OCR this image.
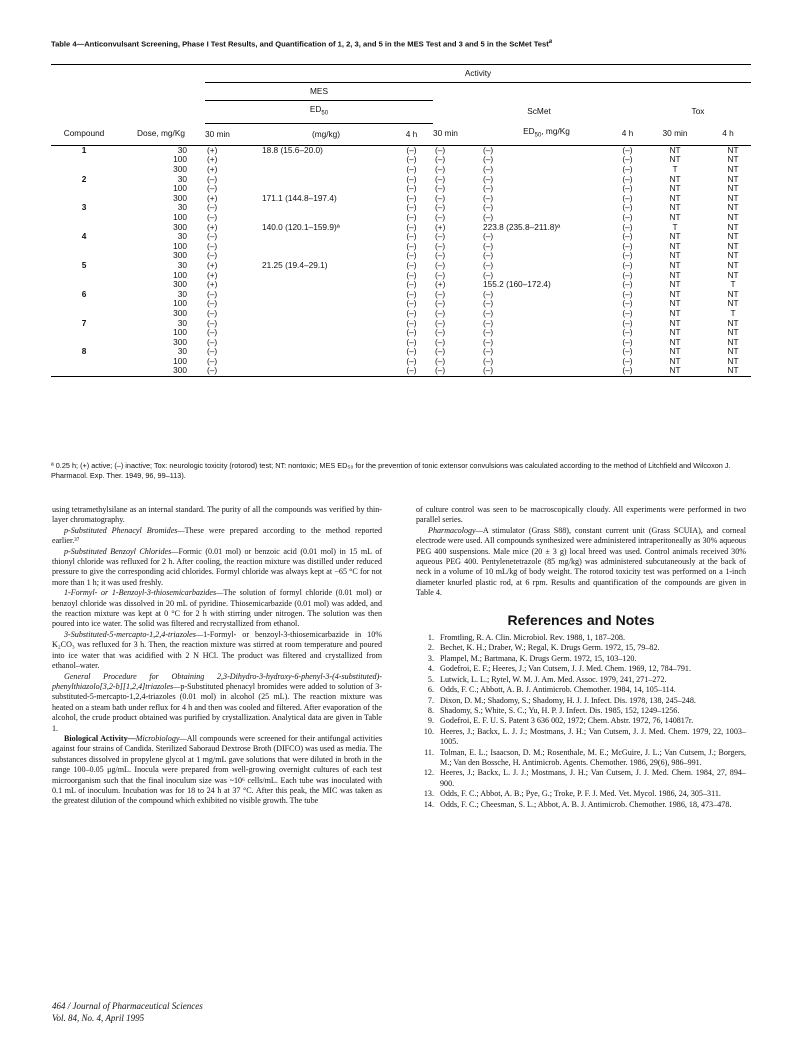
Table 4—Anticonvulsant Screening, Phase I Test Results, and Quantification of 1, 2, 3, and 5 in the MES Test and 3 and 5 in the ScMet Test$^a$
		Activity							
		MES							
		$ED_{50}$			ScMet			Tox	
Compound	Dose, mg/Kg	30 min	(mg/kg)	4 h	30 min	$ED_{50}$, mg/Kg	4 h	30 min	4 h
1	30	(+)	18.8 (15.6–20.0)	(–)	(–)	(–)	(–)	NT	NT
	100	(+)		(–)	(–)	(–)	(–)	NT	NT
	300	(+)		(–)	(–)	(–)	(–)	T	NT
2	30	(–)		(–)	(–)	(–)	(–)	NT	NT
	100	(–)		(–)	(–)	(–)	(–)	NT	NT
	300	(+)	171.1 (144.8–197.4)	(–)	(–)	(–)	(–)	NT	NT
3	30	(–)		(–)	(–)	(–)	(–)	NT	NT
	100	(–)		(–)	(–)	(–)	(–)	NT	NT
	300	(+)	140.0 (120.1–159.9)ª	(–)	(+)	223.8 (235.8–211.8)ª	(–)	T	NT
4	30	(–)		(–)	(–)	(–)	(–)	NT	NT
	100	(–)		(–)	(–)	(–)	(–)	NT	NT
	300	(–)		(–)	(–)	(–)	(–)	NT	NT
5	30	(+)	21.25 (19.4–29.1)	(–)	(–)	(–)	(–)	NT	NT
	100	(+)		(–)	(–)	(–)	(–)	NT	NT
	300	(+)		(–)	(+)	155.2 (160–172.4)	(–)	NT	T
6	30	(–)		(–)	(–)	(–)	(–)	NT	NT
	100	(–)		(–)	(–)	(–)	(–)	NT	NT
	300	(–)		(–)	(–)	(–)	(–)	NT	T
7	30	(–)		(–)	(–)	(–)	(–)	NT	NT
	100	(–)		(–)	(–)	(–)	(–)	NT	NT
	300	(–)		(–)	(–)	(–)	(–)	NT	NT
8	30	(–)		(–)	(–)	(–)	(–)	NT	NT
	100	(–)		(–)	(–)	(–)	(–)	NT	NT
	300	(–)		(–)	(–)	(–)	(–)	NT	NT
ª 0.25 h; (+) active; (–) inactive; Tox: neurologic toxicity (rotorod) test; NT: nontoxic; MES ED₅₀ for the prevention of tonic extensor convulsions was calculated according to the method of Litchfield and Wilcoxon J. Pharmacol. Exp. Ther. 1949, 96, 99–113).

using tetramethylsilane as an internal standard. The purity of all the compounds was verified by thin-layer chromatography.

p-Substituted Phenacyl Bromides—These were prepared according to the method reported earlier.³⁷

p-Substituted Benzoyl Chlorides—Formic (0.01 mol) or benzoic acid (0.01 mol) in 15 mL of thionyl chloride was refluxed for 2 h. After cooling, the reaction mixture was distilled under reduced pressure to give the corresponding acid chlorides. Formyl chloride was always kept at −65 °C for not more than 1 h; it was used freshly.

1-Formyl- or 1-Benzoyl-3-thiosemicarbazides—The solution of formyl chloride (0.01 mol) or benzoyl chloride was dissolved in 20 mL of pyridine. Thiosemicarbazide (0.01 mol) was added, and the reaction mixture was kept at 0 °C for 2 h with stirring under nitrogen. The solution was then poured into ice water. The solid was filtered and recrystallized from ethanol.

3-Substituted-5-mercapto-1,2,4-triazoles—1-Formyl- or benzoyl-3-thiosemicarbazide in 10% K₂CO₃ was refluxed for 3 h. Then, the reaction mixture was stirred at room temperature and poured into ice water that was acidified with 2 N HCl. The product was filtered and crystallized from ethanol–water.

General Procedure for Obtaining 2,3-Dihydro-3-hydroxy-6-phenyl-3-(4-substituted)-phenylthiazolo[3,2-b][1,2,4]triazoles—p-Substituted phenacyl bromides were added to solution of 3-substituted-5-mercapto-1,2,4-triazoles (0.01 mol) in alcohol (25 mL). The reaction mixture was heated on a steam bath under reflux for 4 h and then was cooled and filtered. After evaporation of the alcohol, the crude product obtained was purified by crystallization. Analytical data are given in Table 1.

Biological Activity—Microbiology—All compounds were screened for their antifungal activities against four strains of Candida. Sterilized Saboraud Dextrose Broth (DIFCO) was used as media. The substances dissolved in propylene glycol at 1 mg/mL gave solutions that were diluted in broth in the range 100–0.05 μg/mL. Inocula were prepared from well-growing overnight cultures of each test microorganism such that the final inoculum size was ~10⁶ cells/mL. Each tube was inoculated with 0.1 mL of inoculum. Incubation was for 18 to 24 h at 37 °C. After this peak, the MIC was taken as the greatest dilution of the compound which exhibited no visible growth. The tube

of culture control was seen to be macroscopically cloudy. All experiments were performed in two parallel series.

Pharmacology—A stimulator (Grass S88), constant current unit (Grass SCUIA), and corneal electrode were used. All compounds synthesized were administered intraperitoneally as 30% aqueous PEG 400 suspensions. Male mice (20 ± 3 g) local breed was used. Control animals received 30% aqueous PEG 400. Pentylenetetrazole (85 mg/kg) was administered subcutaneously at the back of neck in a volume of 10 mL/kg of body weight. The rotorod toxicity test was performed on a 1-inch diameter knurled plastic rod, at 6 rpm. Results and quantification of the compounds are given in Table 4.

References and Notes
1. Fromtling, R. A. Clin. Microbiol. Rev. 1988, 1, 187–208.
2. Bechet, K. H.; Draber, W.; Regal, K. Drugs Germ. 1972, 15, 79–82.
3. Plampel, M.; Bartmana, K. Drugs Germ. 1972, 15, 103–120.
4. Godefroi, E. F.; Heeres, J.; Van Cutsem, J. J. Med. Chem. 1969, 12, 784–791.
5. Lutwick, L. L.; Rytel, W. M. J. Am. Med. Assoc. 1979, 241, 271–272.
6. Odds, F. C.; Abbott, A. B. J. Antimicrob. Chemother. 1984, 14, 105–114.
7. Dixon, D. M.; Shadomy, S.; Shadomy, H. J. J. Infect. Dis. 1978, 138, 245–248.
8. Shadomy, S.; White, S. C.; Yu, H. P. J. Infect. Dis. 1985, 152, 1249–1256.
9. Godefroi, E. F. U. S. Patent 3 636 002, 1972; Chem. Abstr. 1972, 76, 140817r.
10. Heeres, J.; Backx, L. J. J.; Mostmans, J. H.; Van Cutsem, J. J. Med. Chem. 1979, 22, 1003–1005.
11. Tolman, E. L.; Isaacson, D. M.; Rosenthale, M. E.; McGuire, J. L.; Van Cutsem, J.; Borgers, M.; Van den Bossche, H. Antimicrob. Agents. Chemother. 1986, 29(6), 986–991.
12. Heeres, J.; Backx, L. J. J.; Mostmans, J. H.; Van Cutsem, J. J. Med. Chem. 1984, 27, 894–900.
13. Odds, F. C.; Abbot, A. B.; Pye, G.; Troke, P. F. J. Med. Vet. Mycol. 1986, 24, 305–311.
14. Odds, F. C.; Cheesman, S. L.; Abbot, A. B. J. Antimicrob. Chemother. 1986, 18, 473–478.
464 / Journal of Pharmaceutical Sciences
Vol. 84, No. 4, April 1995
